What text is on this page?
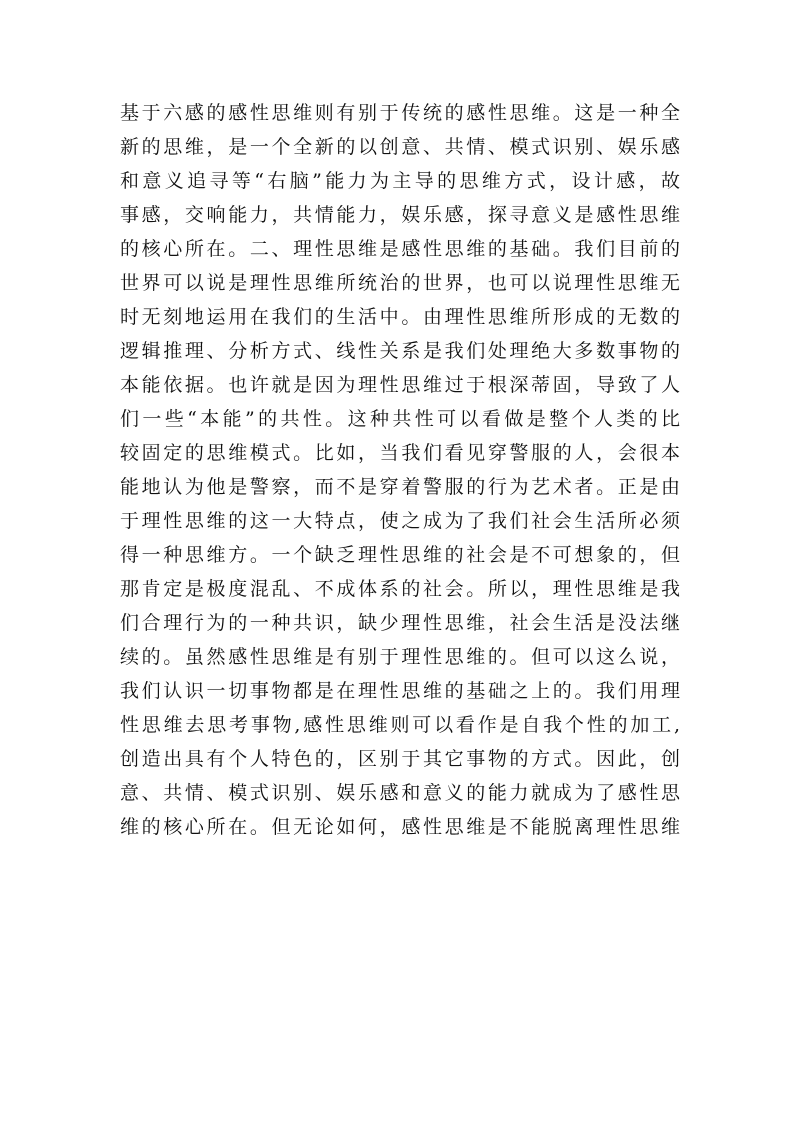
基于六感的感性思维则有别于传统的感性思维。这是一种全
新的思维，是一个全新的以创意、共情、模式识别、娱乐感
和意义追寻等“右脑”能力为主导的思维方式，设计感，故
事感，交响能力，共情能力，娱乐感，探寻意义是感性思维
的核心所在。二、理性思维是感性思维的基础。我们目前的
世界可以说是理性思维所统治的世界，也可以说理性思维无
时无刻地运用在我们的生活中。由理性思维所形成的无数的
逻辑推理、分析方式、线性关系是我们处理绝大多数事物的
本能依据。也许就是因为理性思维过于根深蒂固，导致了人
们一些“本能”的共性。这种共性可以看做是整个人类的比
较固定的思维模式。比如，当我们看见穿警服的人，会很本
能地认为他是警察，而不是穿着警服的行为艺术者。正是由
于理性思维的这一大特点，使之成为了我们社会生活所必须
得一种思维方。一个缺乏理性思维的社会是不可想象的，但
那肯定是极度混乱、不成体系的社会。所以，理性思维是我
们合理行为的一种共识，缺少理性思维，社会生活是没法继
续的。虽然感性思维是有别于理性思维的。但可以这么说，
我们认识一切事物都是在理性思维的基础之上的。我们用理
性思维去思考事物,感性思维则可以看作是自我个性的加工,
创造出具有个人特色的，区别于其它事物的方式。因此，创
意、共情、模式识别、娱乐感和意义的能力就成为了感性思
维的核心所在。但无论如何，感性思维是不能脱离理性思维
